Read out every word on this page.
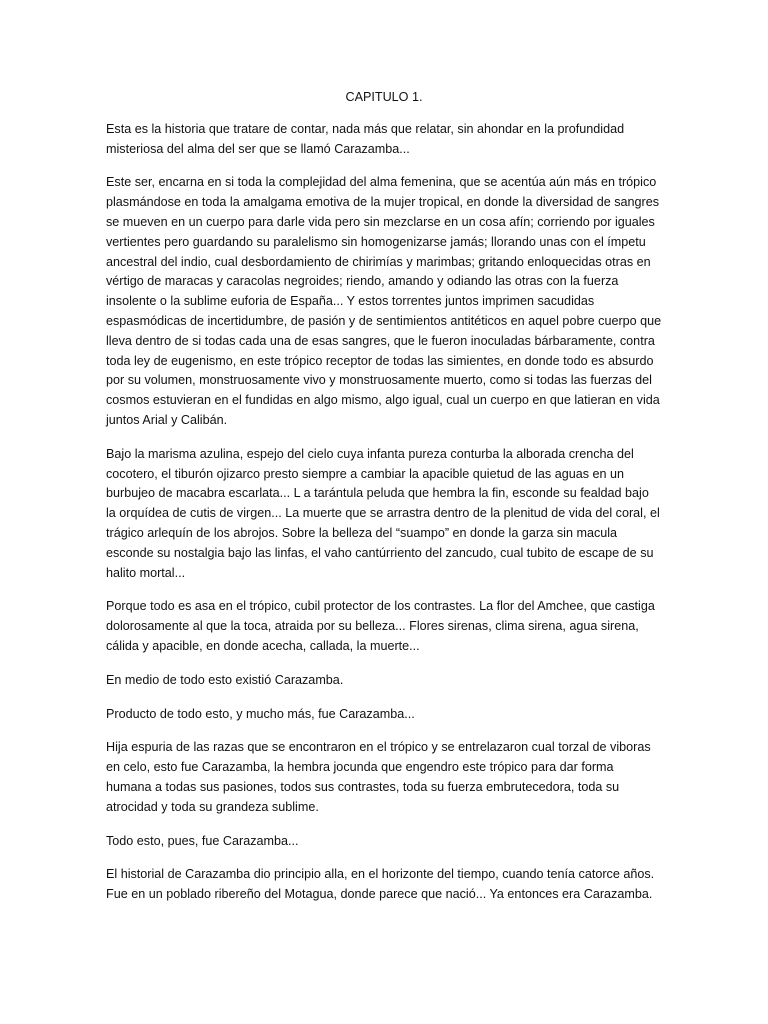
CAPITULO 1.

Esta es la historia que tratare de contar, nada más que relatar, sin ahondar en la profundidad misteriosa del alma del ser que se llamó Carazamba...

Este ser, encarna en si toda la complejidad del alma femenina, que se acentúa aún más en trópico plasmándose en toda la amalgama emotiva de la mujer tropical, en donde la diversidad de sangres se mueven en un cuerpo para darle vida pero sin mezclarse en un cosa afín; corriendo por iguales vertientes pero guardando su paralelismo sin homogenizarse jamás; llorando unas con el ímpetu ancestral del indio, cual desbordamiento de chirimías y marimbas; gritando enloquecidas otras en vértigo de maracas y caracolas negroides; riendo, amando y odiando las otras con la fuerza insolente o la sublime euforia de España... Y estos torrentes juntos imprimen sacudidas espasmódicas de incertidumbre, de pasión y de sentimientos antitéticos en aquel pobre cuerpo que lleva dentro de si todas cada una de esas sangres, que le fueron inoculadas bárbaramente, contra toda ley de eugenismo, en este trópico receptor de todas las simientes, en donde todo es absurdo por su volumen, monstruosamente vivo y monstruosamente muerto, como si todas las fuerzas del cosmos estuvieran en el fundidas en algo mismo, algo igual, cual un cuerpo en que latieran en vida juntos Arial y Calibán.

Bajo la marisma azulina, espejo del cielo cuya infanta pureza conturba la alborada crencha del cocotero, el tiburón ojizarco presto siempre a cambiar la apacible quietud de las aguas en un burbujeo de macabra escarlata... L a tarántula peluda que hembra la fin, esconde su fealdad bajo la orquídea de cutis de virgen... La muerte que se arrastra dentro de la plenitud de vida del coral, el trágico arlequín de los abrojos. Sobre la belleza del “suampo” en donde la garza sin macula esconde su nostalgia bajo las linfas, el vaho cantúrriento del zancudo, cual tubito de escape de su halito mortal...

Porque todo es asa en el trópico, cubil protector de los contrastes. La flor del Amchee, que castiga dolorosamente al que la toca, atraida por su belleza... Flores sirenas, clima sirena, agua sirena, cálida y apacible, en donde acecha, callada, la muerte...

En medio de todo esto existió Carazamba.

Producto de todo esto, y mucho más, fue Carazamba...

Hija espuria de las razas que se encontraron en el trópico y se entrelazaron cual torzal de viboras en celo, esto fue Carazamba, la hembra jocunda que engendro este trópico para dar forma humana a todas sus pasiones, todos sus contrastes, toda su fuerza embrutecedora, toda su atrocidad y toda su grandeza sublime.

Todo esto, pues, fue Carazamba...

El historial de Carazamba dio principio alla, en el horizonte del tiempo, cuando tenía catorce años. Fue en un poblado ribereño del Motagua, donde parece que nació... Ya entonces era Carazamba.
